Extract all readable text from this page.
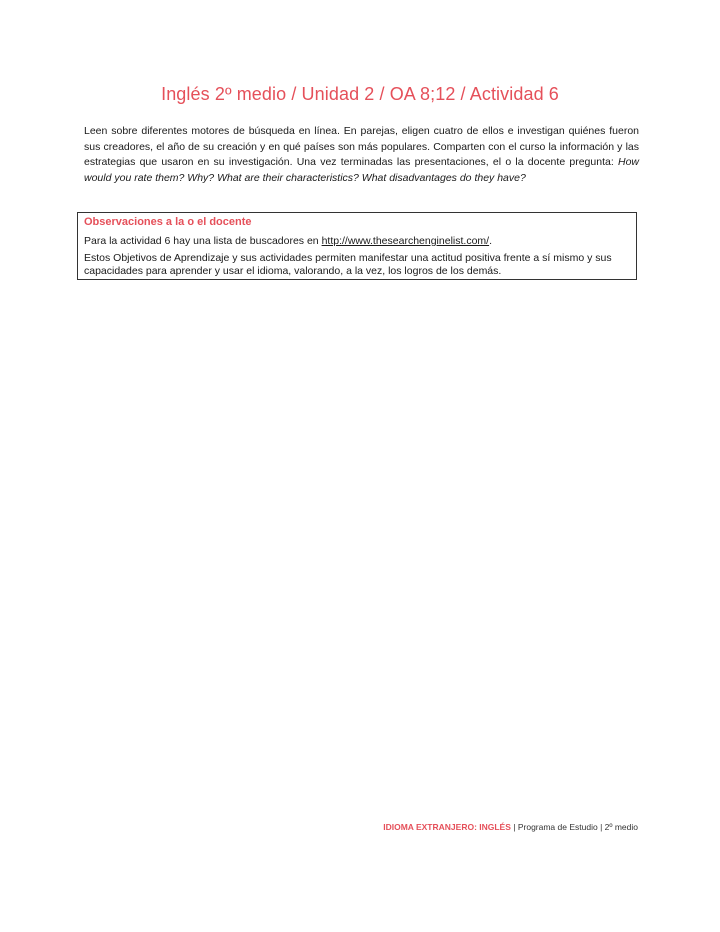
Inglés 2º medio / Unidad 2 / OA 8;12 / Actividad 6

Leen sobre diferentes motores de búsqueda en línea. En parejas, eligen cuatro de ellos e investigan quiénes fueron sus creadores, el año de su creación y en qué países son más populares. Comparten con el curso la información y las estrategias que usaron en su investigación. Una vez terminadas las presentaciones, el o la docente pregunta: How would you rate them? Why? What are their characteristics? What disadvantages do they have?

Observaciones a la o el docente

Para la actividad 6 hay una lista de buscadores en http://www.thesearchenginelist.com/.

Estos Objetivos de Aprendizaje y sus actividades permiten manifestar una actitud positiva frente a sí mismo y sus capacidades para aprender y usar el idioma, valorando, a la vez, los logros de los demás.

IDIOMA EXTRANJERO: INGLÉS | Programa de Estudio | 2º medio
